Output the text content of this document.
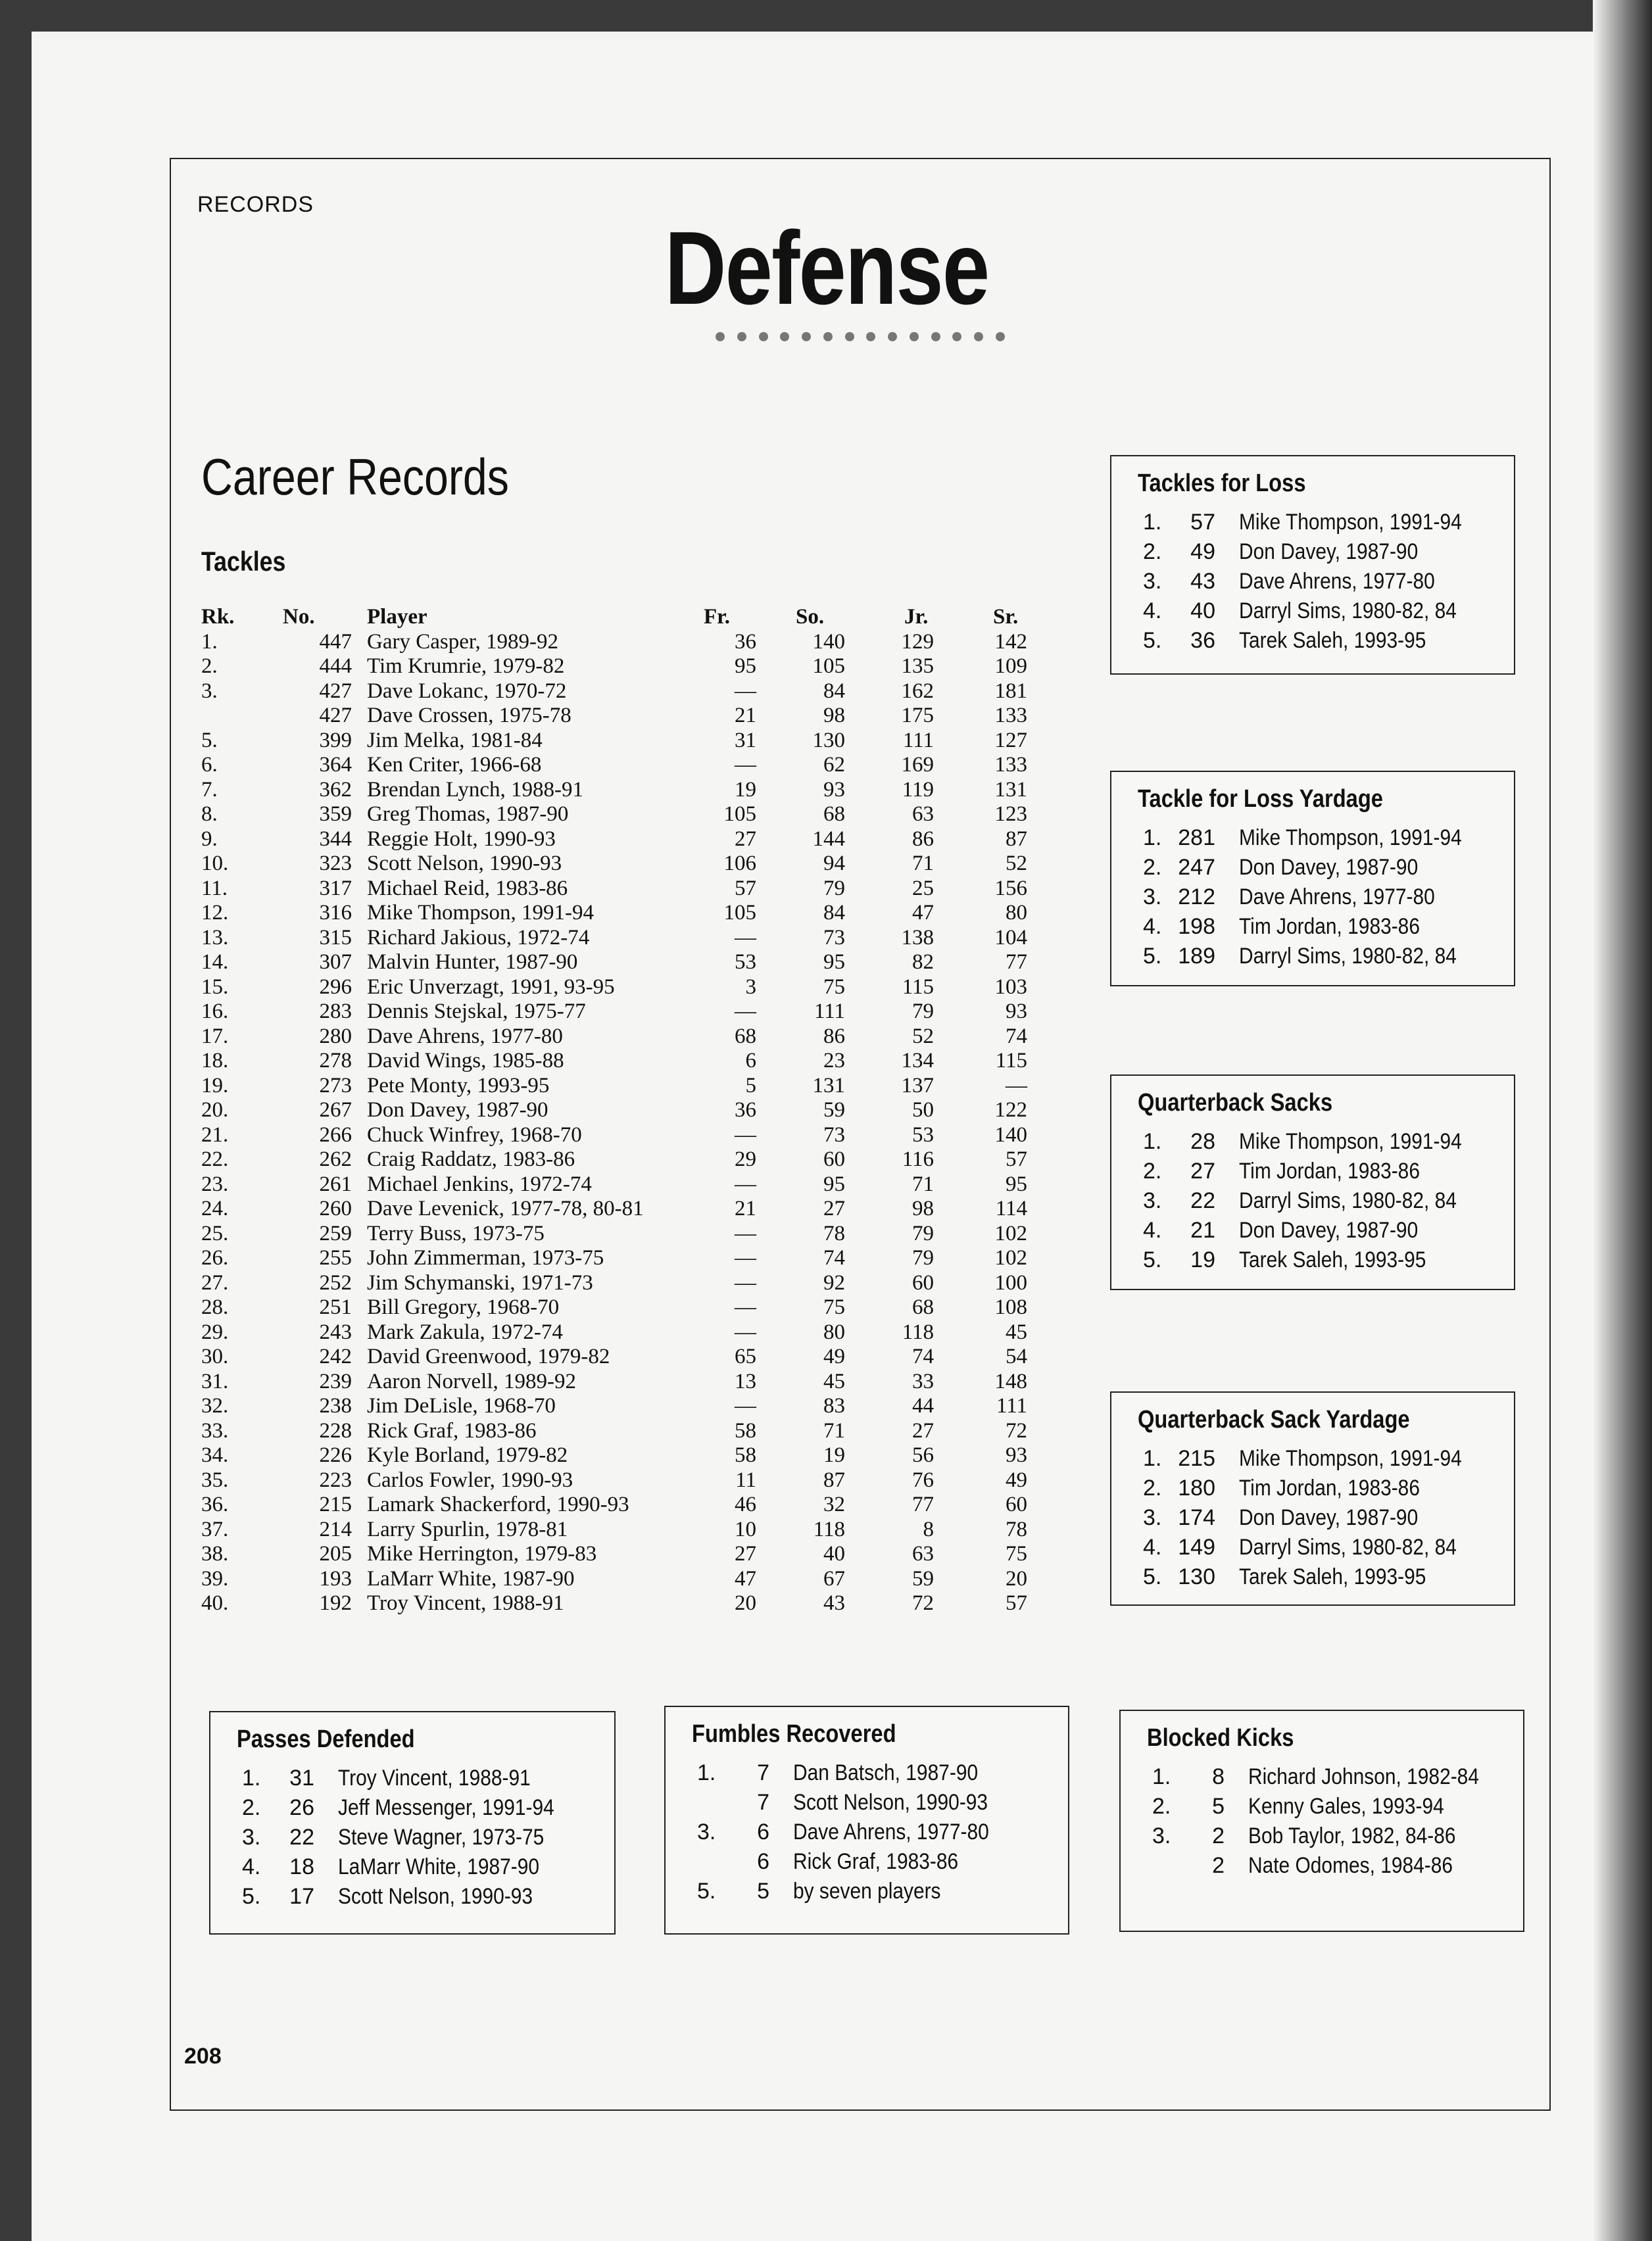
RECORDS
Defense
Career Records
Tackles
Rk. No.	Player	Fr.	So.	Jr.	Sr.
1.	447 Gary Casper, 1989-92	36	140	129	142
2.	444 Tim Krumrie, 1979-82	95	105	135	109
3.	427 Dave Lokanc, 1970-72	—	84	162	181
427 Dave Crossen, 1975-78	21	98	175	133
5.	399 Jim Melka, 1981-84	31	130	111	127
6.	364 Ken Criter, 1966-68	—	62	169	133
7.	362 Brendan Lynch, 1988-91	19	93	119	131
8.	359 Greg Thomas, 1987-90	105	68	63	123
9.	344 Reggie Holt, 1990-93	27	144	86	87
10.	323 Scott Nelson, 1990-93	106	94	71	52
11.	317 Michael Reid, 1983-86	57	79	25	156
12.	316 Mike Thompson, 1991-94	105	84	47	80
13.	315 Richard Jakious, 1972-74	—	73	138	104
14.	307 Malvin Hunter, 1987-90	53	95	82	77
15.	296 Eric Unverzagt, 1991, 93-95	3	75	115	103
16.	283 Dennis Stejskal, 1975-77	—	111	79	93
17.	280 Dave Ahrens, 1977-80	68	86	52	74
18.	278 David Wings, 1985-88	6	23	134	115
19.	273 Pete Monty, 1993-95	5	131	137	—
20.	267 Don Davey, 1987-90	36	59	50	122
21.	266 Chuck Winfrey, 1968-70	—	73	53	140
22.	262 Craig Raddatz, 1983-86	29	60	116	57
23.	261 Michael Jenkins, 1972-74	—	95	71	95
24.	260 Dave Levenick, 1977-78, 80-81	21	27	98	114
25.	259 Terry Buss, 1973-75	—	78	79	102
26.	255 John Zimmerman, 1973-75	—	74	79	102
27.	252 Jim Schymanski, 1971-73	—	92	60	100
28.	251 Bill Gregory, 1968-70	—	75	68	108
29.	243 Mark Zakula, 1972-74	—	80	118	45
30.	242 David Greenwood, 1979-82	65	49	74	54
31.	239 Aaron Norvell, 1989-92	13	45	33	148
32.	238 Jim DeLisle, 1968-70	—	83	44	111
33.	228 Rick Graf, 1983-86	58	71	27	72
34.	226 Kyle Borland, 1979-82	58	19	56	93
35.	223 Carlos Fowler, 1990-93	11	87	76	49
36.	215 Lamark Shackerford, 1990-93	46	32	77	60
37.	214 Larry Spurlin, 1978-81	10	118	8	78
38.	205 Mike Herrington, 1979-83	27	40	63	75
39.	193 LaMarr White, 1987-90	47	67	59	20
40.	192 Troy Vincent, 1988-91	20	43	72	57
Tackles for Loss
1.	57 Mike Thompson, 1991-94
2.	49 Don Davey, 1987-90
3.	43 Dave Ahrens, 1977-80
4.	40 Darryl Sims, 1980-82, 84
5.	36 Tarek Saleh, 1993-95
Tackle for Loss Yardage
1. 281 Mike Thompson, 1991-94
2. 247 Don Davey, 1987-90
3. 212 Dave Ahrens, 1977-80
4. 198 Tim Jordan, 1983-86
5. 189 Darryl Sims, 1980-82, 84
Quarterback Sacks
1.	28 Mike Thompson, 1991-94
2.	27 Tim Jordan, 1983-86
3.	22 Darryl Sims, 1980-82, 84
4.	21 Don Davey, 1987-90
5.	19 Tarek Saleh, 1993-95
Quarterback Sack Yardage
1. 215 Mike Thompson, 1991-94
2. 180 Tim Jordan, 1983-86
3. 174 Don Davey, 1987-90
4. 149 Darryl Sims, 1980-82, 84
5. 130 Tarek Saleh, 1993-95
Passes Defended
1.	31 Troy Vincent, 1988-91
2.	26 Jeff Messenger, 1991-94
3.	22 Steve Wagner, 1973-75
4.	18 LaMarr White, 1987-90
5.	17 Scott Nelson, 1990-93
Fumbles Recovered
1.	7 Dan Batsch, 1987-90
7 Scott Nelson, 1990-93
3.	6 Dave Ahrens, 1977-80
6 Rick Graf, 1983-86
5.	5 by seven players
Blocked Kicks
1.	8 Richard Johnson, 1982-84
2.	5 Kenny Gales, 1993-94
3.	2 Bob Taylor, 1982, 84-86
2 Nate Odomes, 1984-86
208
